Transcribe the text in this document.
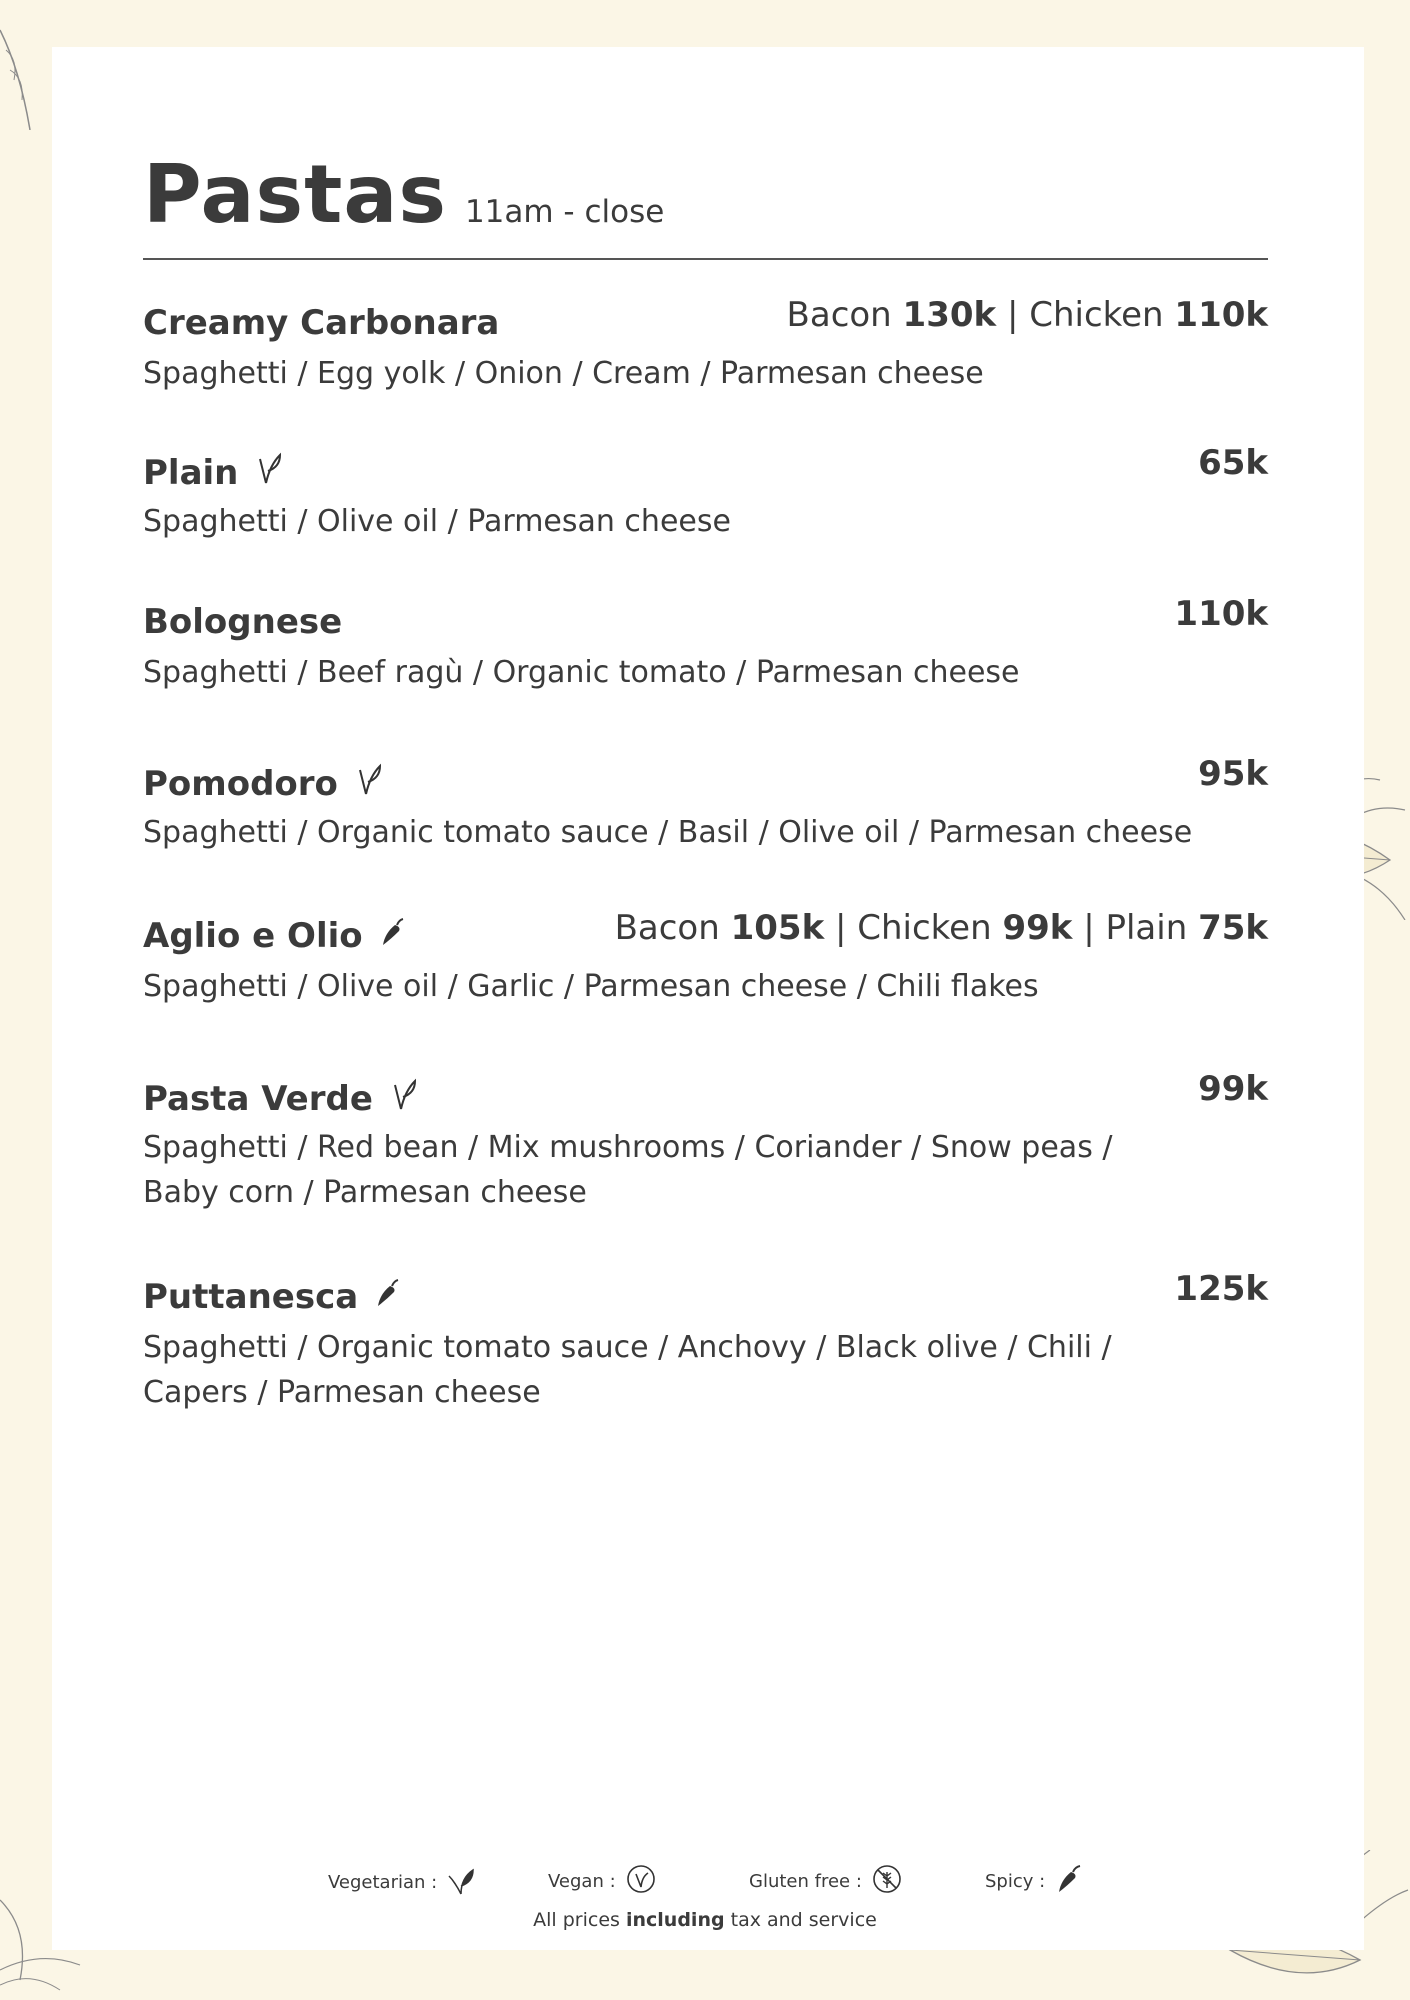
Pastas 11am - close
Creamy Carbonara	Bacon 130k | Chicken 110k
Spaghetti / Egg yolk / Onion / Cream / Parmesan cheese
Plain	65k
Spaghetti / Olive oil / Parmesan cheese
Bolognese	110k
Spaghetti / Beef ragù / Organic tomato / Parmesan cheese
Pomodoro	95k
Spaghetti / Organic tomato sauce / Basil / Olive oil / Parmesan cheese
Aglio e Olio	Bacon 105k | Chicken 99k | Plain 75k
Spaghetti / Olive oil / Garlic / Parmesan cheese / Chili flakes
Pasta Verde	99k
Spaghetti / Red bean / Mix mushrooms / Coriander / Snow peas /
Baby corn / Parmesan cheese
Puttanesca	125k
Spaghetti / Organic tomato sauce / Anchovy / Black olive / Chili /
Capers / Parmesan cheese
Vegetarian :	Vegan :	Gluten free :	Spicy :
All prices including tax and service
